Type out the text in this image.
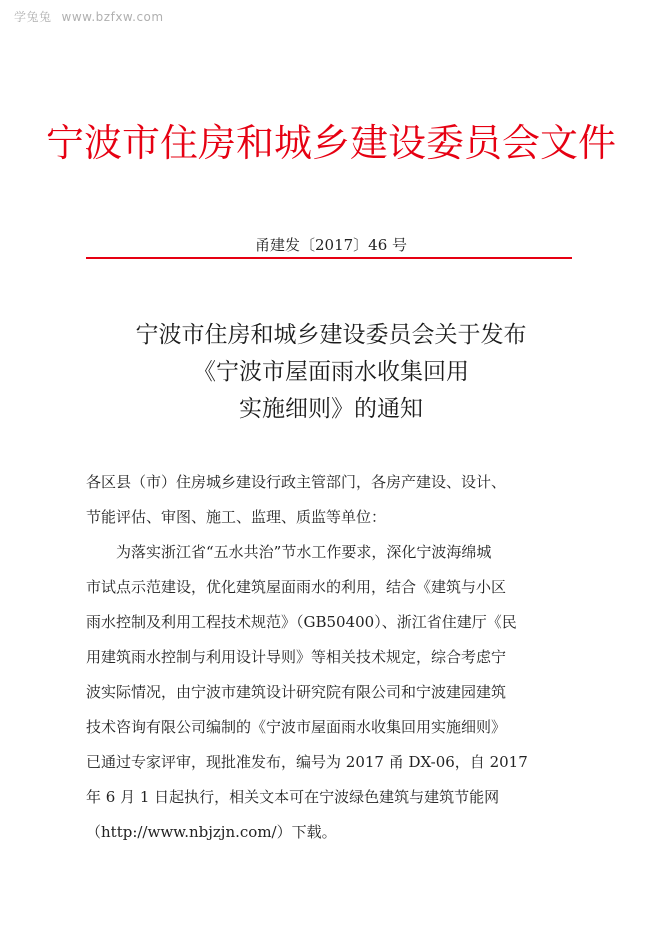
学兔兔 www.bzfxw.com
宁波市住房和城乡建设委员会文件
甬建发〔2017〕46 号
宁波市住房和城乡建设委员会关于发布
《宁波市屋面雨水收集回用
实施细则》的通知
各区县（市）住房城乡建设行政主管部门，各房产建设、设计、
节能评估、审图、施工、监理、质监等单位：
为落实浙江省“五水共治”节水工作要求，深化宁波海绵城
市试点示范建设，优化建筑屋面雨水的利用，结合《建筑与小区
雨水控制及利用工程技术规范》（GB50400）、浙江省住建厅《民
用建筑雨水控制与利用设计导则》等相关技术规定，综合考虑宁
波实际情况，由宁波市建筑设计研究院有限公司和宁波建园建筑
技术咨询有限公司编制的《宁波市屋面雨水收集回用实施细则》
已通过专家评审，现批准发布，编号为 2017 甬 DX-06，自 2017
年 6 月 1 日起执行，相关文本可在宁波绿色建筑与建筑节能网
（http://www.nbjzjn.com/）下载。
